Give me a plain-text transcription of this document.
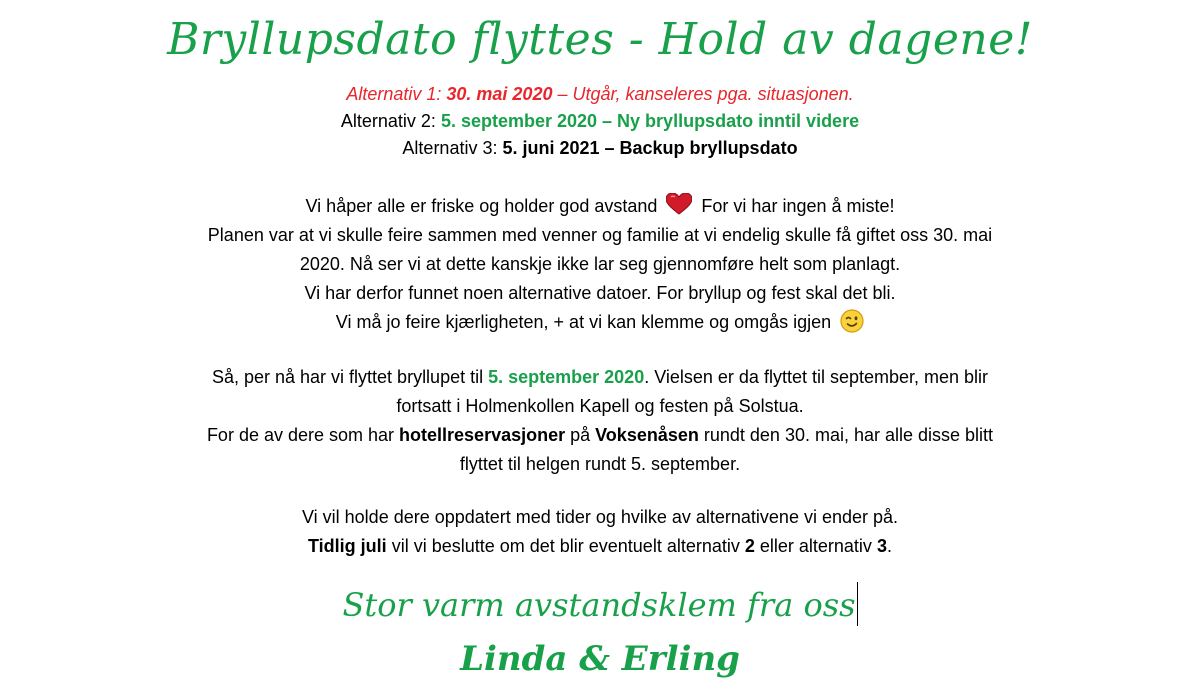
Bryllupsdato flyttes - Hold av dagene!
Alternativ 1: 30. mai 2020 – Utgår, kanseleres pga. situasjonen.
Alternativ 2: 5. september 2020 – Ny bryllupsdato inntil videre
Alternativ 3: 5. juni 2021 – Backup bryllupsdato
Vi håper alle er friske og holder god avstand For vi har ingen å miste!
Planen var at vi skulle feire sammen med venner og familie at vi endelig skulle få giftet oss 30. mai
2020. Nå ser vi at dette kanskje ikke lar seg gjennomføre helt som planlagt.
Vi har derfor funnet noen alternative datoer. For bryllup og fest skal det bli.
Vi må jo feire kjærligheten, + at vi kan klemme og omgås igjen
Så, per nå har vi flyttet bryllupet til 5. september 2020. Vielsen er da flyttet til september, men blir
fortsatt i Holmenkollen Kapell og festen på Solstua.
For de av dere som har hotellreservasjoner på Voksenåsen rundt den 30. mai, har alle disse blitt
flyttet til helgen rundt 5. september.
Vi vil holde dere oppdatert med tider og hvilke av alternativene vi ender på.
Tidlig juli vil vi beslutte om det blir eventuelt alternativ 2 eller alternativ 3.
Stor varm avstandsklem fra oss
Linda & Erling
